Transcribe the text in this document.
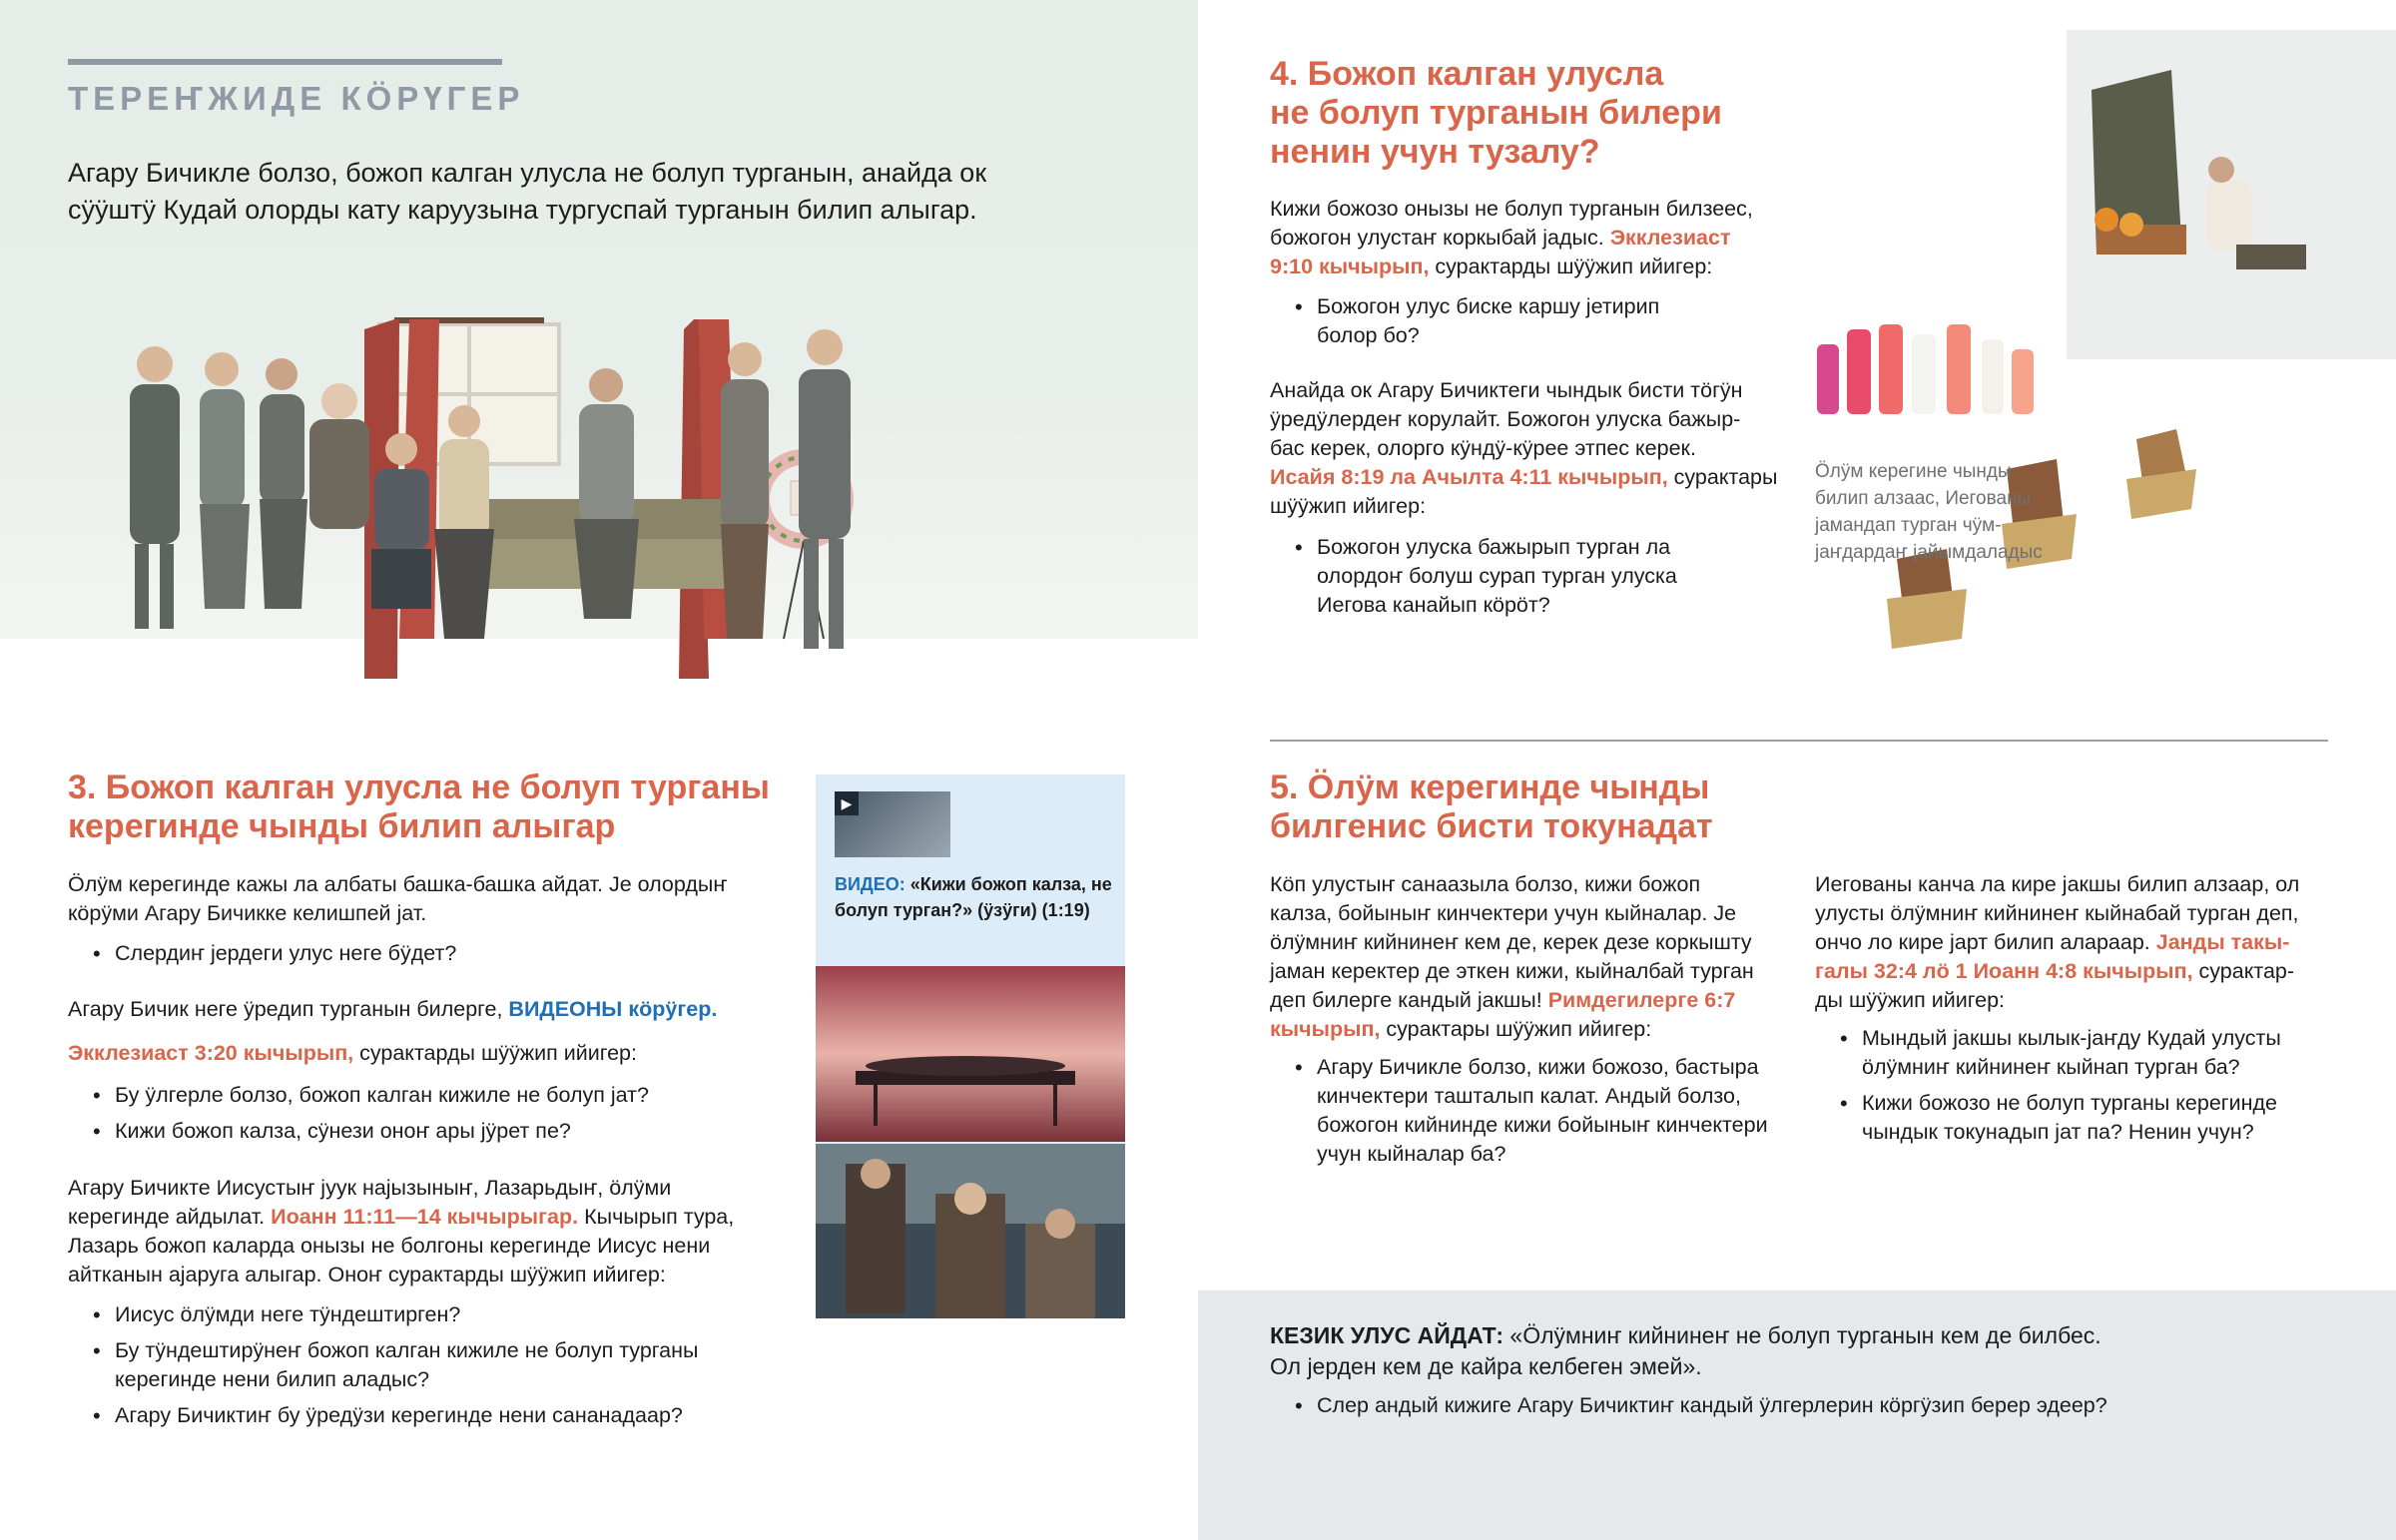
ТЕРЕҤЖИДЕ КӦРҮГЕР
Агару Бичикле болзо, божоп калган улусла не болуп турганын, анайда ок сӱӱштӱ Кудай олорды кату каруузына тургуспай турганын билип алыгар.
3. Божоп калган улусла не болуп турганы
керегинде чынды билип алыгар
Ӧлӱм керегинде кажы ла албаты башка-башка айдат. Јe олордыҥ
кӧрӱми Агару Бичикке келишпей јат.
• Слердиҥ јердеги улус неге бӱдет?
Агару Бичик неге ӱредип турганын билерге, ВИДЕОНЫ кӧрӱгер.
Экклезиаст 3:20 кычырып, сурактарды шӱӱжип ийигер:
• Бу ӱлгерле болзо, божоп калган кижиле не болуп јат?
• Кижи божоп калза, сӱнези оноҥ ары јӱрет пе?
Агару Бичикте Иисустыҥ јуук најызыныҥ, Лазарьдыҥ, ӧлӱми
керегинде айдылат. Иоанн 11:11—14 кычырыгар. Кычырып тура,
Лазарь божоп каларда онызы не болгоны керегинде Иисус нени
айтканын ајаруга алыгар. Оноҥ сурактарды шӱӱжип ийигер:
• Иисус ӧлӱмди неге тӱндештирген?
• Бу тӱндештирӱнеҥ божоп калган кижиле не болуп турганы керегинде нени билип аладыс?
• Агару Бичиктиҥ бу ӱредӱзи керегинде нени сананадаар?
▶
ВИДЕО: «Кижи божоп калза, не болуп турган?» (ӱзӱги) (1:19)
4. Божоп калган улусла
не болуп турганын билери
ненин учун тузалу?
Кижи божозо онызы не болуп турганын билзеес,
божогон улустаҥ коркыбай јадыс. Экклезиаст
9:10 кычырып, сурактарды шӱӱжип ийигер:
• Божогон улус биске каршу јетирип болор бо?
Анайда ок Агару Бичиктеги чындык бисти тӧгӱн
ӱредӱлердеҥ корулайт. Божогон улуска бажыр-
бас керек, олорго кӱндӱ-кӱрее этпес керек.
Исайя 8:19 ла Ачылта 4:11 кычырып, сурактары
шӱӱжип ийигер:
• Божогон улуска бажырып турган ла олордоҥ болуш сурап турган улуска Иегова канайып кӧрӧт?
Ӧлӱм керегине чынды билип алзаас, Иегованы јамандап турган чӱм-јаҥдардаҥ јайымдаладыс
5. Ӧлӱм керегинде чынды
билгенис бисти токунадат
Кӧп улустыҥ санаазыла болзо, кижи божоп
калза, бойыныҥ кинчектери учун кыйналар. Јe
ӧлӱмниҥ кийнинеҥ кем де, керек дезе коркышту
јаман керектер де эткен кижи, кыйналбай турган
деп билерге кандый јакшы! Римдегилерге 6:7
кычырып, сурактары шӱӱжип ийигер:
• Агару Бичикле болзо, кижи божозо, бастыра кинчектери ташталып калат. Андый болзо, божогон кийнинде кижи бойыныҥ кинчектери учун кыйналар ба?
Иегованы канча ла кире јакшы билип алзаар, ол
улусты ӧлӱмниҥ кийнинеҥ кыйнабай турган деп,
ончо ло кире јарт билип алараар. Јанды такы-
галы 32:4 лӧ 1 Иоанн 4:8 кычырып, сурактар-
ды шӱӱжип ийигер:
• Мындый јакшы кылык-јаҥду Кудай улусты ӧлӱмниҥ кийнинеҥ кыйнап турган ба?
• Кижи божозо не болуп турганы керегинде чындык токунадып јат па? Ненин учун?
КЕЗИК УЛУС АЙДАТ: «Ӧлӱмниҥ кийнинеҥ не болуп турганын кем де билбес.
Ол јерден кем де кайра келбеген эмей».
• Слер андый кижиге Агару Бичиктиҥ кандый ӱлгерлерин кӧргӱзип берер эдеер?
